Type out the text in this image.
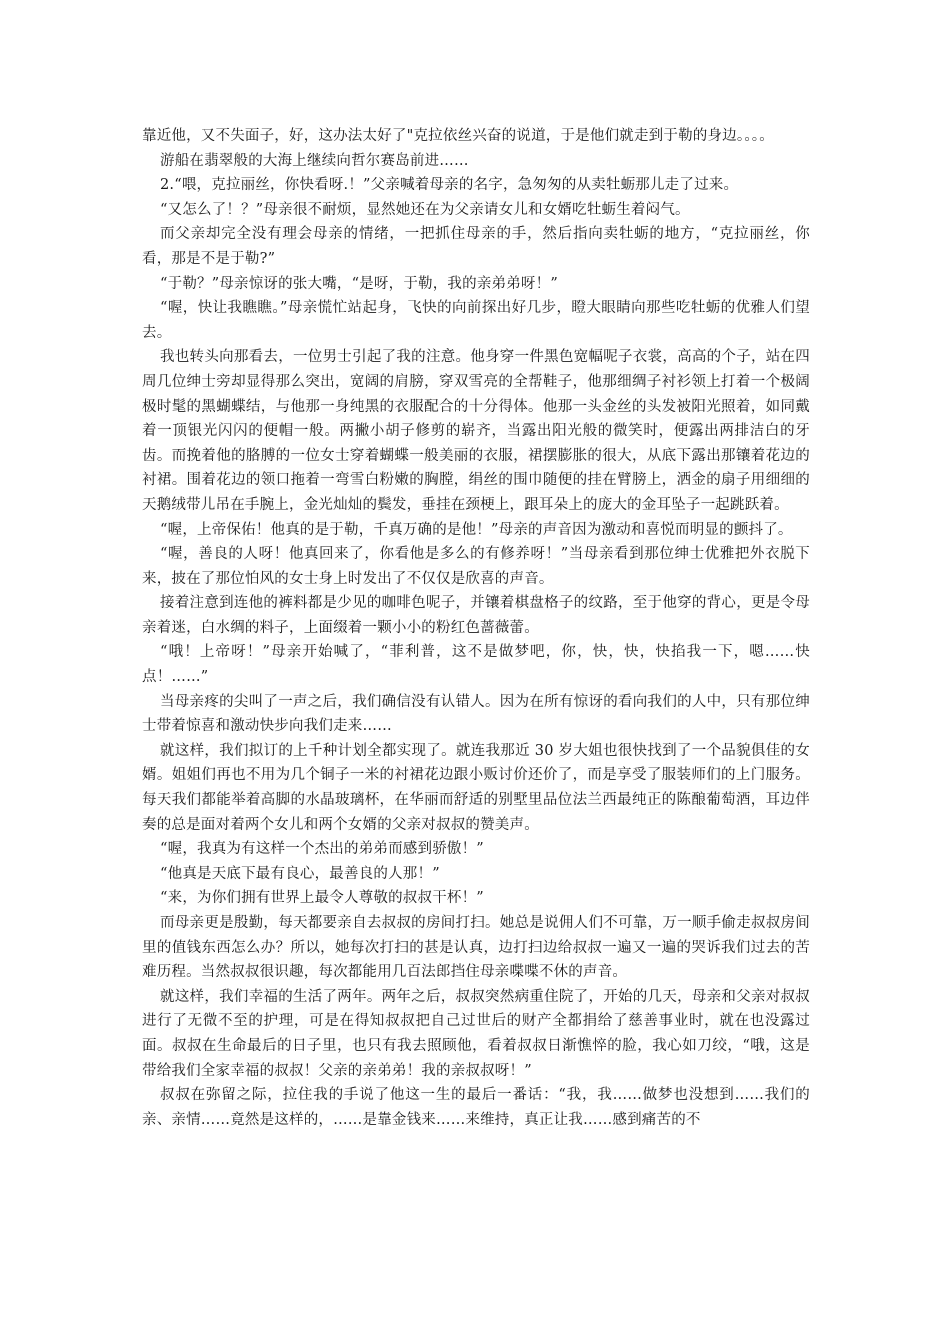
靠近他，又不失面子，好，这办法太好了"克拉依丝兴奋的说道，于是他们就走到于勒的身边。。。。

游船在翡翠般的大海上继续向哲尔赛岛前进……

2.“喂，克拉丽丝，你快看呀.！”父亲喊着母亲的名字，急匆匆的从卖牡蛎那儿走了过来。

“又怎么了！？”母亲很不耐烦，显然她还在为父亲请女儿和女婿吃牡蛎生着闷气。

而父亲却完全没有理会母亲的情绪，一把抓住母亲的手，然后指向卖牡蛎的地方，“克拉丽丝，你看，那是不是于勒?”

“于勒？”母亲惊讶的张大嘴，“是呀，于勒，我的亲弟弟呀！”

“喔，快让我瞧瞧。”母亲慌忙站起身，飞快的向前探出好几步，瞪大眼睛向那些吃牡蛎的优雅人们望去。

我也转头向那看去，一位男士引起了我的注意。他身穿一件黑色宽幅呢子衣裳，高高的个子，站在四周几位绅士旁却显得那么突出，宽阔的肩膀，穿双雪亮的全帮鞋子，他那细绸子衬衫领上打着一个极阔极时髦的黑蝴蝶结，与他那一身纯黑的衣服配合的十分得体。他那一头金丝的头发被阳光照着，如同戴着一顶银光闪闪的便帽一般。两撇小胡子修剪的崭齐，当露出阳光般的微笑时，便露出两排洁白的牙齿。而挽着他的胳膊的一位女士穿着蝴蝶一般美丽的衣服，裙摆膨胀的很大，从底下露出那镶着花边的衬裙。围着花边的领口拖着一弯雪白粉嫩的胸膛，绢丝的围巾随便的挂在臂膀上，洒金的扇子用细细的天鹅绒带儿吊在手腕上，金光灿灿的鬓发，垂挂在颈梗上，跟耳朵上的庞大的金耳坠子一起跳跃着。

“喔，上帝保佑！他真的是于勒，千真万确的是他！”母亲的声音因为激动和喜悦而明显的颤抖了。

“喔，善良的人呀！他真回来了，你看他是多么的有修养呀！”当母亲看到那位绅士优雅把外衣脱下来，披在了那位怕风的女士身上时发出了不仅仅是欣喜的声音。

接着注意到连他的裤料都是少见的咖啡色呢子，并镶着棋盘格子的纹路，至于他穿的背心，更是令母亲着迷，白水绸的料子，上面缀着一颗小小的粉红色蔷薇蕾。

“哦！上帝呀！”母亲开始喊了，“菲利普，这不是做梦吧，你，快，快，快掐我一下，嗯……快点！……”

当母亲疼的尖叫了一声之后，我们确信没有认错人。因为在所有惊讶的看向我们的人中，只有那位绅士带着惊喜和激动快步向我们走来……

就这样，我们拟订的上千种计划全都实现了。就连我那近 30 岁大姐也很快找到了一个品貌俱佳的女婿。姐姐们再也不用为几个铜子一米的衬裙花边跟小贩讨价还价了，而是享受了服装师们的上门服务。每天我们都能举着高脚的水晶玻璃杯，在华丽而舒适的别墅里品位法兰西最纯正的陈酿葡萄酒，耳边伴奏的总是面对着两个女儿和两个女婿的父亲对叔叔的赞美声。

“喔，我真为有这样一个杰出的弟弟而感到骄傲！”

“他真是天底下最有良心，最善良的人那！”

“来，为你们拥有世界上最令人尊敬的叔叔干杯！”

而母亲更是殷勤，每天都要亲自去叔叔的房间打扫。她总是说佣人们不可靠，万一顺手偷走叔叔房间里的值钱东西怎么办？所以，她每次打扫的甚是认真，边打扫边给叔叔一遍又一遍的哭诉我们过去的苦难历程。当然叔叔很识趣，每次都能用几百法郎挡住母亲喋喋不休的声音。

就这样，我们幸福的生活了两年。两年之后，叔叔突然病重住院了，开始的几天，母亲和父亲对叔叔进行了无微不至的护理，可是在得知叔叔把自己过世后的财产全都捐给了慈善事业时，就在也没露过面。叔叔在生命最后的日子里，也只有我去照顾他，看着叔叔日渐憔悴的脸，我心如刀绞，“哦，这是带给我们全家幸福的叔叔！父亲的亲弟弟！我的亲叔叔呀！”

叔叔在弥留之际，拉住我的手说了他这一生的最后一番话：“我，我……做梦也没想到……我们的亲、亲情……竟然是这样的，……是靠金钱来……来维持，真正让我……感到痛苦的不
